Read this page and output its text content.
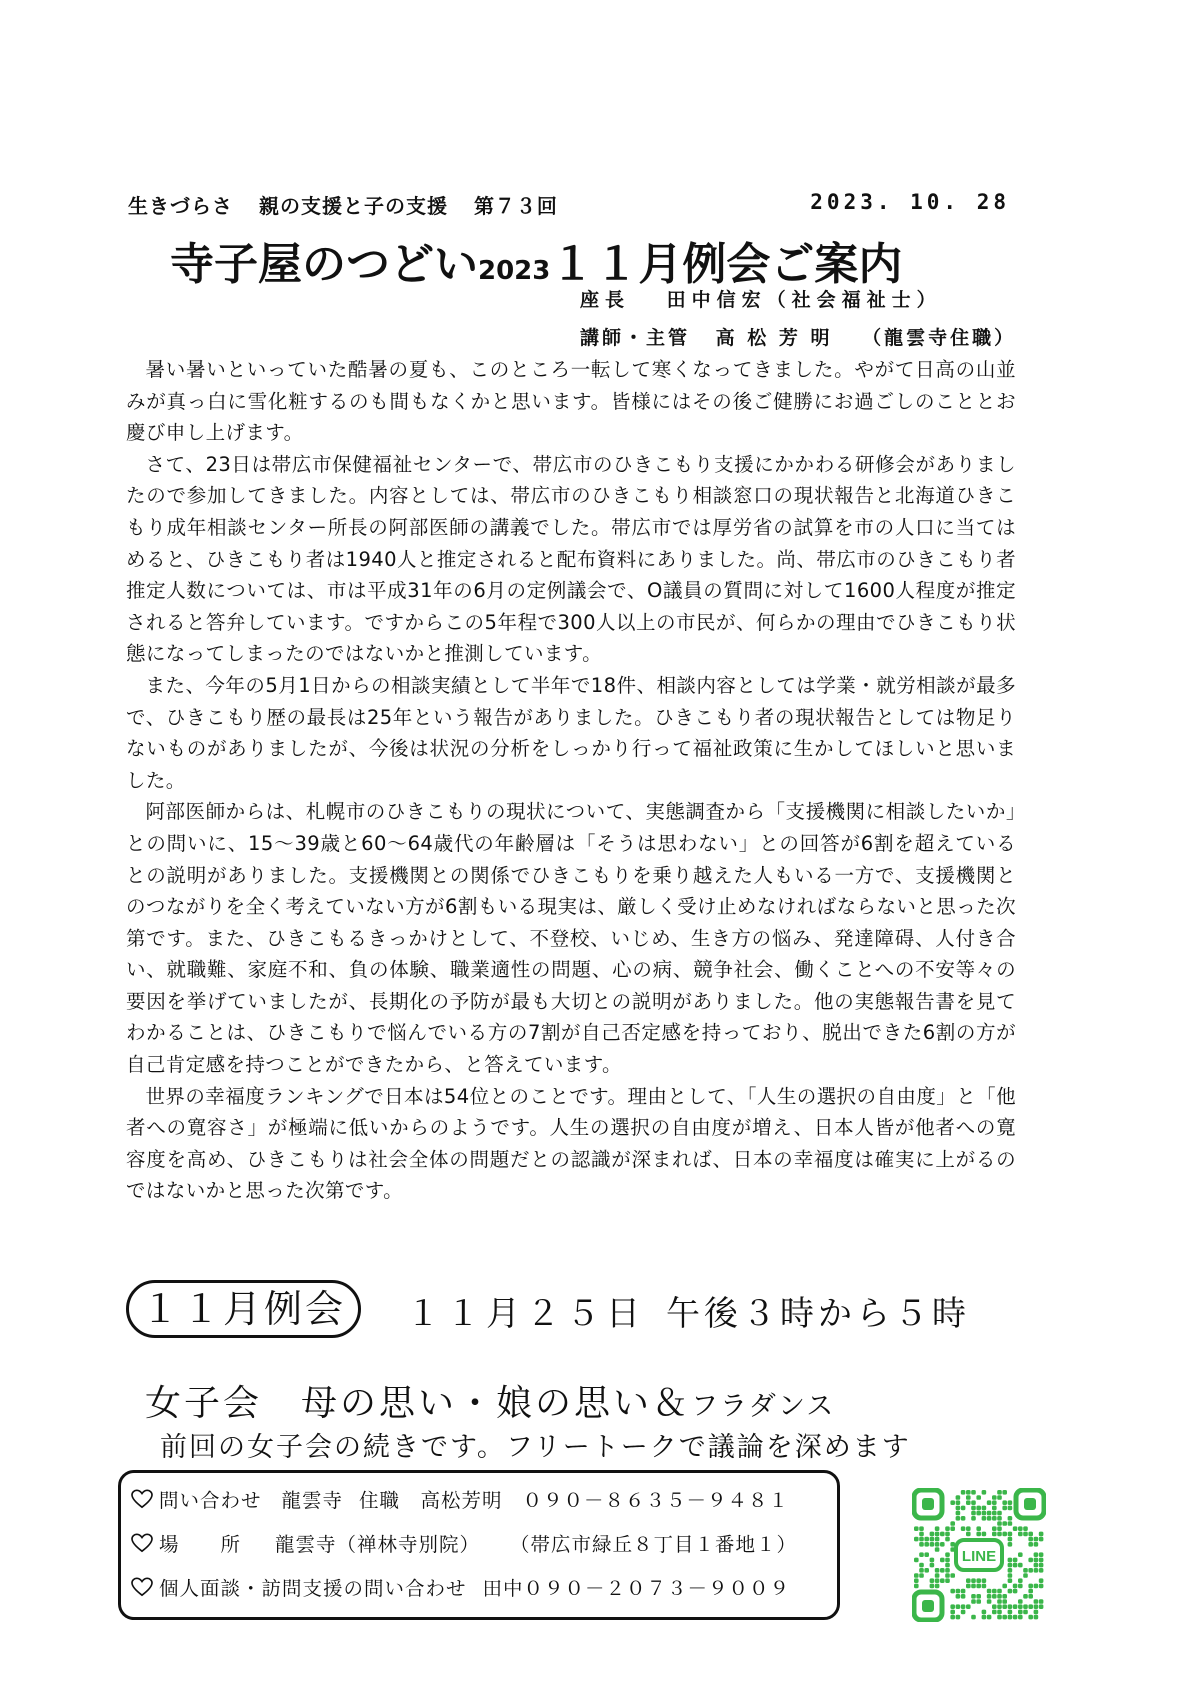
生きづらさ 親の支援と子の支援 第７３回	2023. 10. 28
寺子屋のつどい2023１１月例会ご案内
座長 田中信宏（社会福祉士）
講師・主管 高 松 芳 明 （龍雲寺住職）

暑い暑いといっていた酷暑の夏も、このところ一転して寒くなってきました。やがて日高の山並みが真っ白に雪化粧するのも間もなくかと思います。皆様にはその後ご健勝にお過ごしのこととお慶び申し上げます。

さて、23日は帯広市保健福祉センターで、帯広市のひきこもり支援にかかわる研修会がありましたので参加してきました。内容としては、帯広市のひきこもり相談窓口の現状報告と北海道ひきこもり成年相談センター所長の阿部医師の講義でした。帯広市では厚労省の試算を市の人口に当てはめると、ひきこもり者は1940人と推定されると配布資料にありました。尚、帯広市のひきこもり者推定人数については、市は平成31年の6月の定例議会で、O議員の質問に対して1600人程度が推定されると答弁しています。ですからこの5年程で300人以上の市民が、何らかの理由でひきこもり状態になってしまったのではないかと推測しています。

また、今年の5月1日からの相談実績として半年で18件、相談内容としては学業・就労相談が最多で、ひきこもり歴の最長は25年という報告がありました。ひきこもり者の現状報告としては物足りないものがありましたが、今後は状況の分析をしっかり行って福祉政策に生かしてほしいと思いました。

阿部医師からは、札幌市のひきこもりの現状について、実態調査から「支援機関に相談したいか」との問いに、15～39歳と60～64歳代の年齢層は「そうは思わない」との回答が6割を超えているとの説明がありました。支援機関との関係でひきこもりを乗り越えた人もいる一方で、支援機関とのつながりを全く考えていない方が6割もいる現実は、厳しく受け止めなければならないと思った次第です。また、ひきこもるきっかけとして、不登校、いじめ、生き方の悩み、発達障碍、人付き合い、就職難、家庭不和、負の体験、職業適性の問題、心の病、競争社会、働くことへの不安等々の要因を挙げていましたが、長期化の予防が最も大切との説明がありました。他の実態報告書を見てわかることは、ひきこもりで悩んでいる方の7割が自己否定感を持っており、脱出できた6割の方が自己肯定感を持つことができたから、と答えています。

世界の幸福度ランキングで日本は54位とのことです。理由として、「人生の選択の自由度」と「他者への寛容さ」が極端に低いからのようです。人生の選択の自由度が増え、日本人皆が他者への寛容度を高め、ひきこもりは社会全体の問題だとの認識が深まれば、日本の幸福度は確実に上がるのではないかと思った次第です。

１１月例会	１１月２５日 午後３時から５時
女子会　母の思い・娘の思い＆フラダンス
前回の女子会の続きです。フリートークで議論を深めます
問い合わせ 龍雲寺 住職　高松芳明 ０９０－８６３５－９４８１
場　　所 龍雲寺（禅林寺別院） （帯広市緑丘８丁目１番地１）
個人面談・訪問支援の問い合わせ 田中０９０－２０７３－９００９
LINE
